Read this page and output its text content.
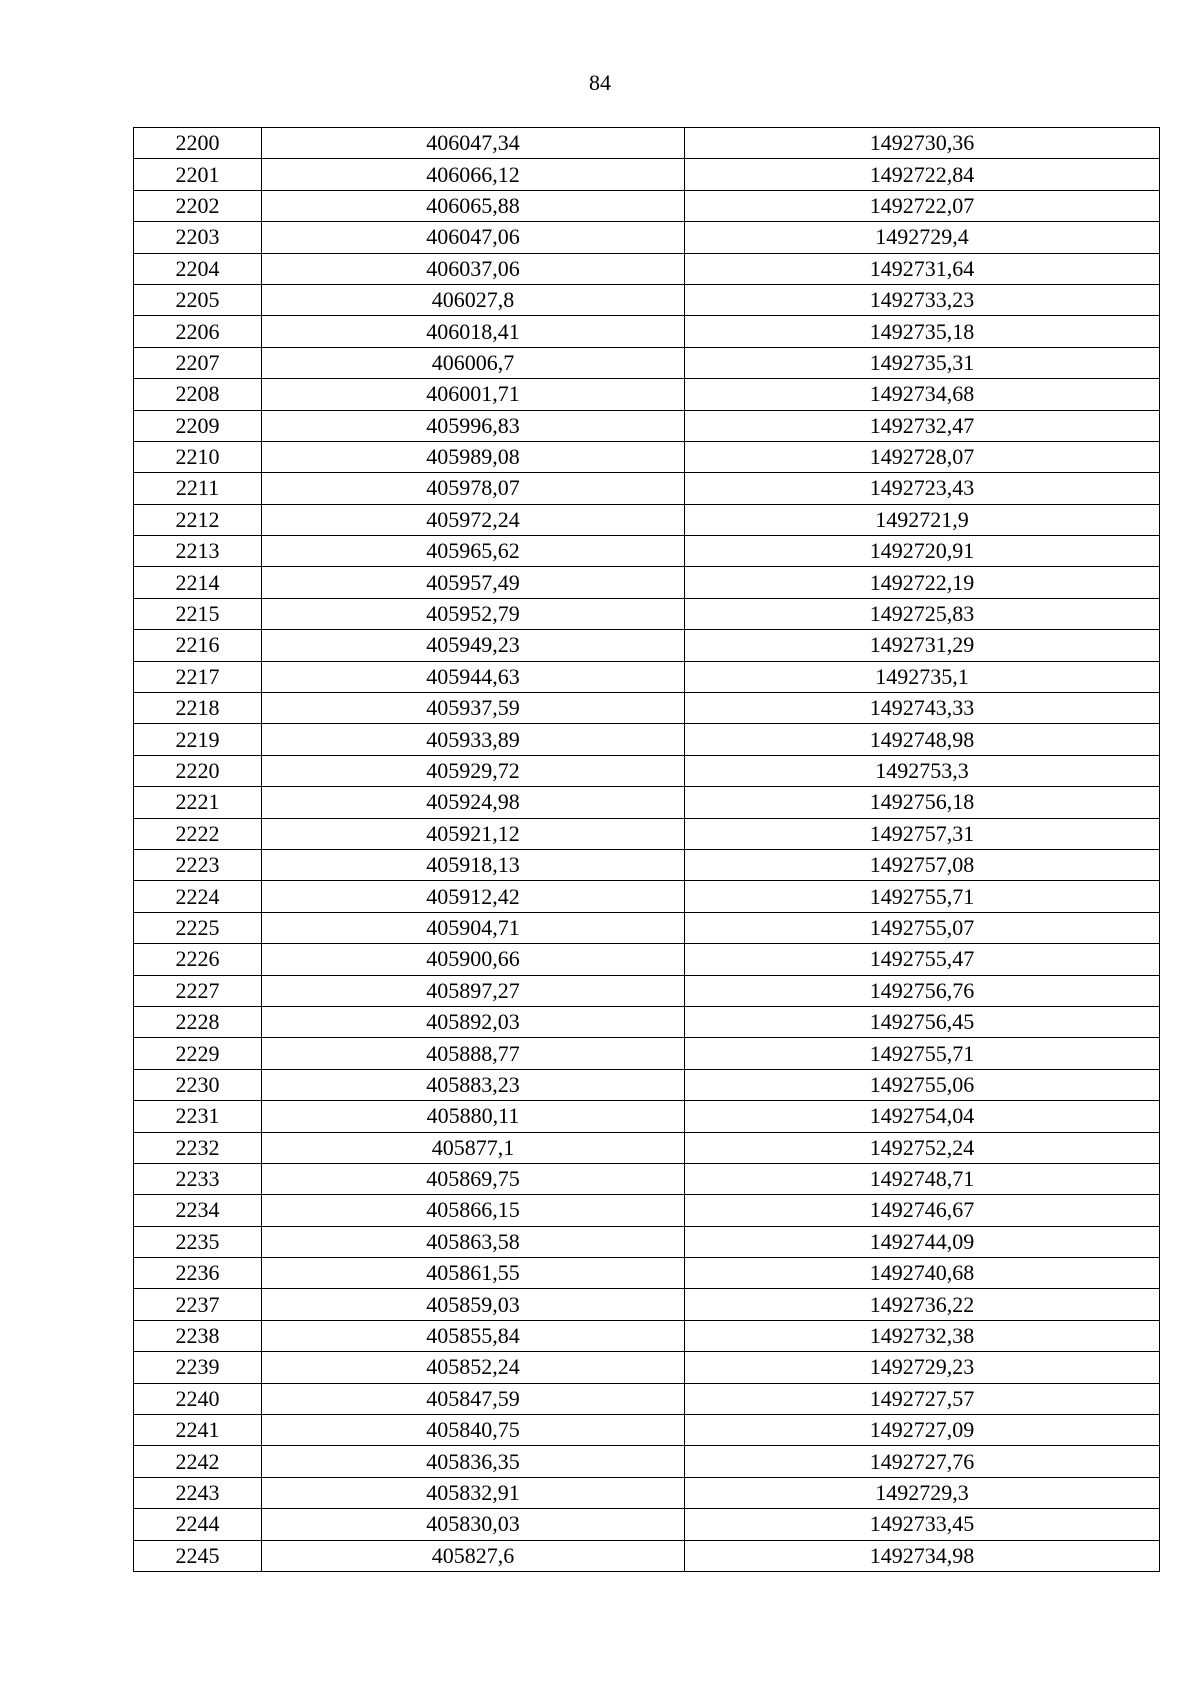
84
2200	406047,34	1492730,36
2201	406066,12	1492722,84
2202	406065,88	1492722,07
2203	406047,06	1492729,4
2204	406037,06	1492731,64
2205	406027,8	1492733,23
2206	406018,41	1492735,18
2207	406006,7	1492735,31
2208	406001,71	1492734,68
2209	405996,83	1492732,47
2210	405989,08	1492728,07
2211	405978,07	1492723,43
2212	405972,24	1492721,9
2213	405965,62	1492720,91
2214	405957,49	1492722,19
2215	405952,79	1492725,83
2216	405949,23	1492731,29
2217	405944,63	1492735,1
2218	405937,59	1492743,33
2219	405933,89	1492748,98
2220	405929,72	1492753,3
2221	405924,98	1492756,18
2222	405921,12	1492757,31
2223	405918,13	1492757,08
2224	405912,42	1492755,71
2225	405904,71	1492755,07
2226	405900,66	1492755,47
2227	405897,27	1492756,76
2228	405892,03	1492756,45
2229	405888,77	1492755,71
2230	405883,23	1492755,06
2231	405880,11	1492754,04
2232	405877,1	1492752,24
2233	405869,75	1492748,71
2234	405866,15	1492746,67
2235	405863,58	1492744,09
2236	405861,55	1492740,68
2237	405859,03	1492736,22
2238	405855,84	1492732,38
2239	405852,24	1492729,23
2240	405847,59	1492727,57
2241	405840,75	1492727,09
2242	405836,35	1492727,76
2243	405832,91	1492729,3
2244	405830,03	1492733,45
2245	405827,6	1492734,98
